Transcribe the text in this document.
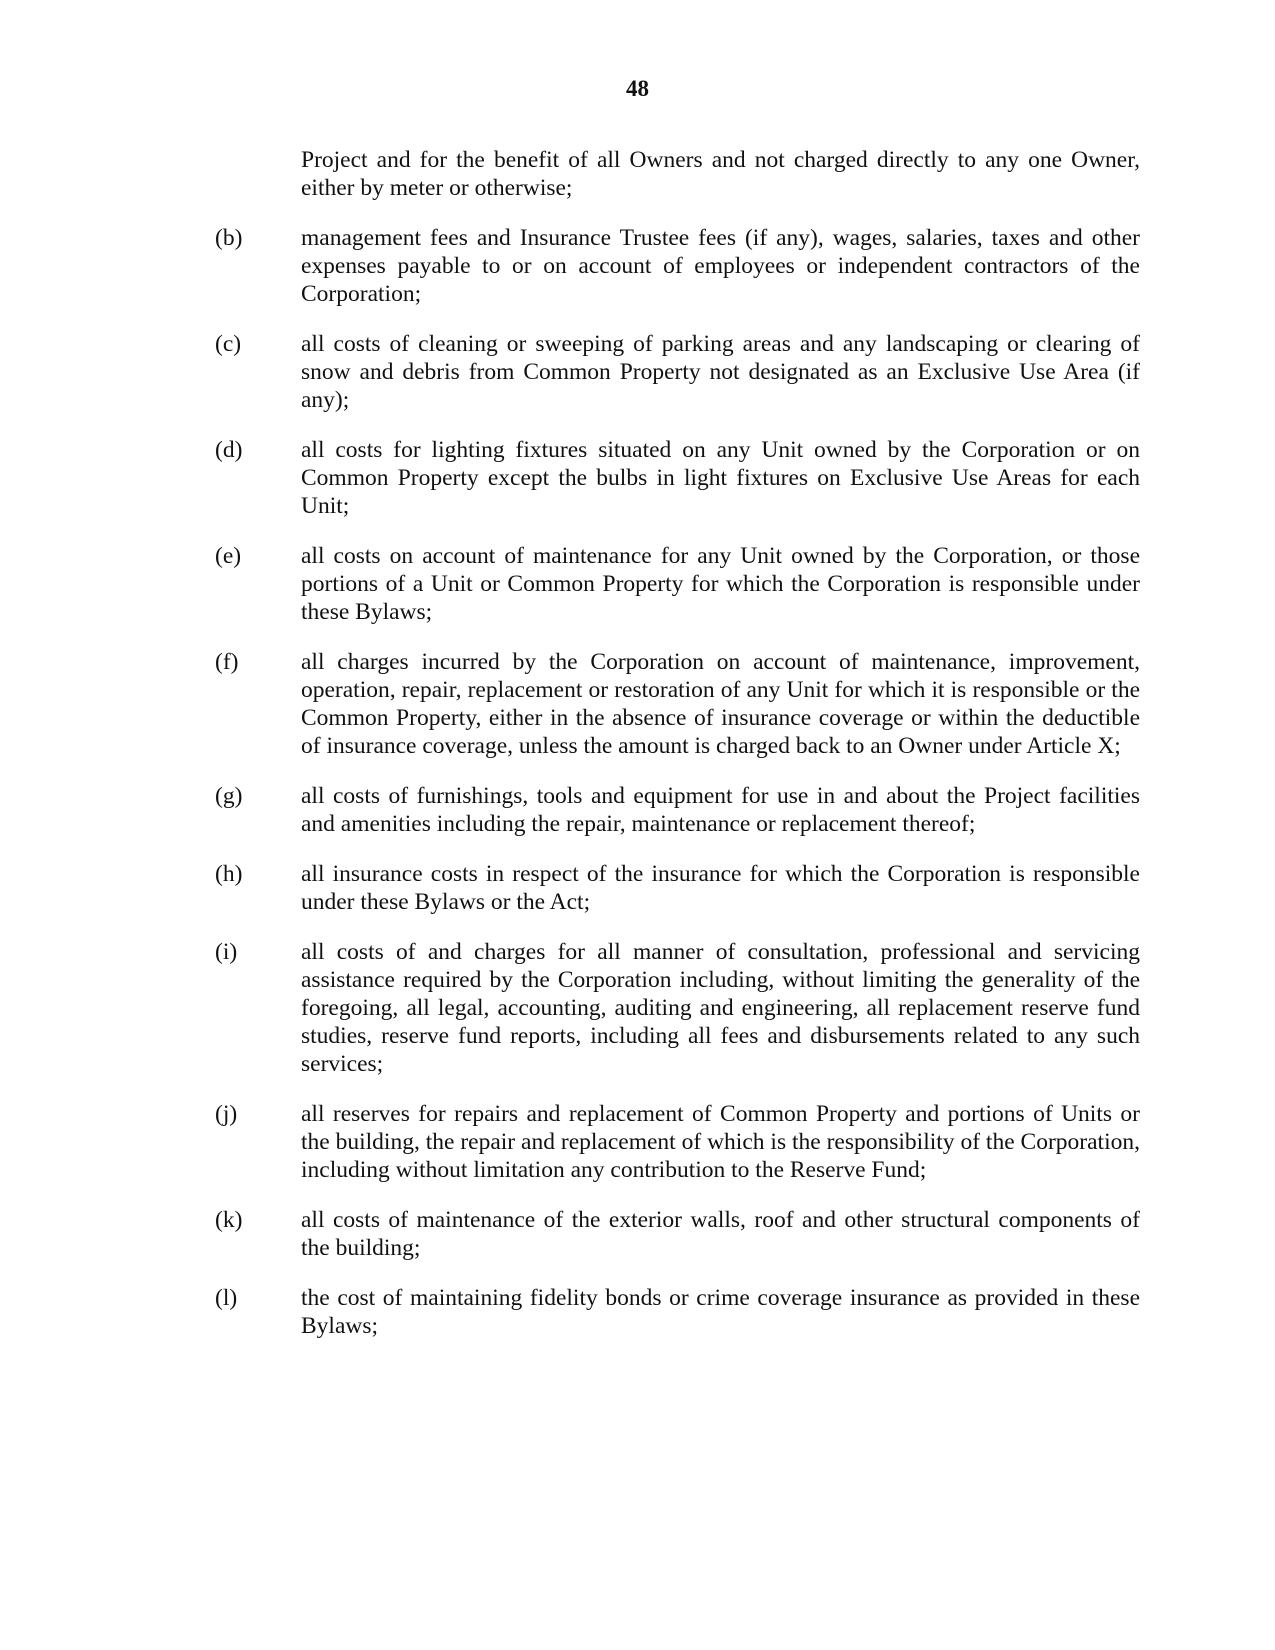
48
Project and for the benefit of all Owners and not charged directly to any one Owner, either by meter or otherwise;
(b)	management fees and Insurance Trustee fees (if any), wages, salaries, taxes and other expenses payable to or on account of employees or independent contractors of the Corporation;
(c)	all costs of cleaning or sweeping of parking areas and any landscaping or clearing of snow and debris from Common Property not designated as an Exclusive Use Area (if any);
(d)	all costs for lighting fixtures situated on any Unit owned by the Corporation or on Common Property except the bulbs in light fixtures on Exclusive Use Areas for each Unit;
(e)	all costs on account of maintenance for any Unit owned by the Corporation, or those portions of a Unit or Common Property for which the Corporation is responsible under these Bylaws;
(f)	all charges incurred by the Corporation on account of maintenance, improvement, operation, repair, replacement or restoration of any Unit for which it is responsible or the Common Property, either in the absence of insurance coverage or within the deductible of insurance coverage, unless the amount is charged back to an Owner under Article X;
(g)	all costs of furnishings, tools and equipment for use in and about the Project facilities and amenities including the repair, maintenance or replacement thereof;
(h)	all insurance costs in respect of the insurance for which the Corporation is responsible under these Bylaws or the Act;
(i)	all costs of and charges for all manner of consultation, professional and servicing assistance required by the Corporation including, without limiting the generality of the foregoing, all legal, accounting, auditing and engineering, all replacement reserve fund studies, reserve fund reports, including all fees and disbursements related to any such services;
(j)	all reserves for repairs and replacement of Common Property and portions of Units or the building, the repair and replacement of which is the responsibility of the Corporation, including without limitation any contribution to the Reserve Fund;
(k)	all costs of maintenance of the exterior walls, roof and other structural components of the building;
(l)	the cost of maintaining fidelity bonds or crime coverage insurance as provided in these Bylaws;
